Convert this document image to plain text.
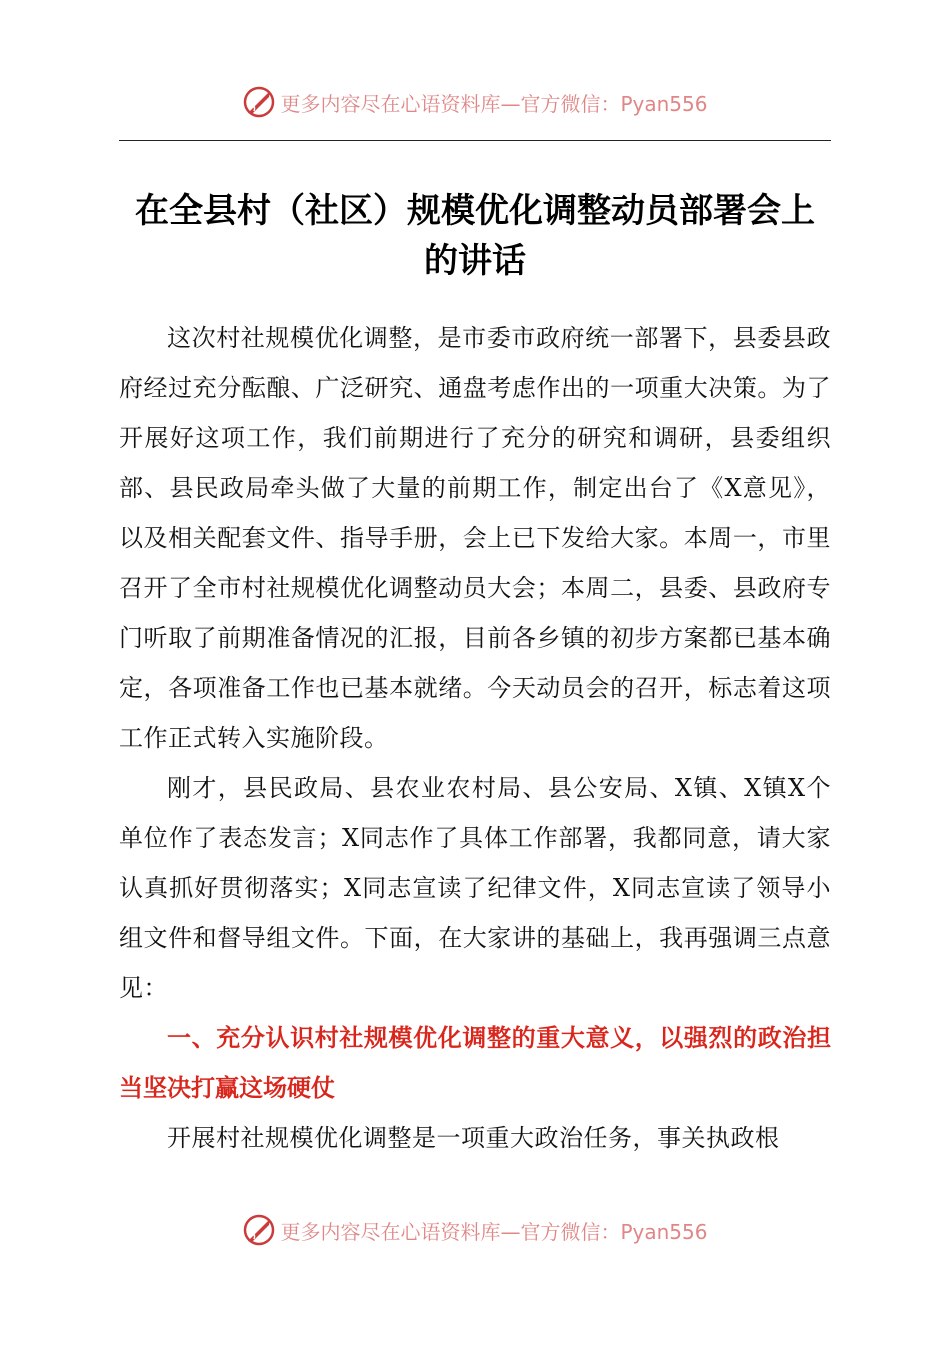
更多内容尽在心语资料库—官方微信：Pyan556
在全县村（社区）规模优化调整动员部署会上的讲话

这次村社规模优化调整，是市委市政府统一部署下，县委县政府经过充分酝酿、广泛研究、通盘考虑作出的一项重大决策。为了开展好这项工作，我们前期进行了充分的研究和调研，县委组织部、县民政局牵头做了大量的前期工作，制定出台了《X意见》，以及相关配套文件、指导手册，会上已下发给大家。本周一，市里召开了全市村社规模优化调整动员大会；本周二，县委、县政府专门听取了前期准备情况的汇报，目前各乡镇的初步方案都已基本确定，各项准备工作也已基本就绪。今天动员会的召开，标志着这项工作正式转入实施阶段。

刚才，县民政局、县农业农村局、县公安局、X镇、X镇X个单位作了表态发言；X同志作了具体工作部署，我都同意，请大家认真抓好贯彻落实；X同志宣读了纪律文件，X同志宣读了领导小组文件和督导组文件。下面，在大家讲的基础上，我再强调三点意见：

一、充分认识村社规模优化调整的重大意义，以强烈的政治担当坚决打赢这场硬仗

开展村社规模优化调整是一项重大政治任务，事关执政根

更多内容尽在心语资料库—官方微信：Pyan556
